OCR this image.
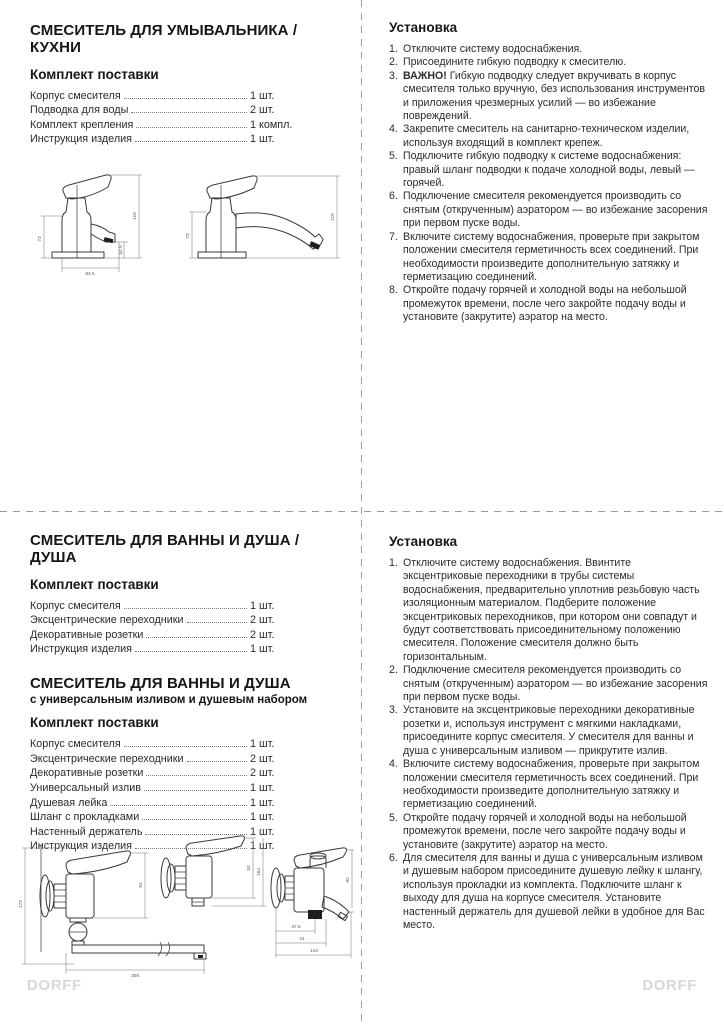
СМЕСИТЕЛЬ ДЛЯ УМЫВАЛЬНИКА / КУХНИ
Комплект поставки
Корпус смесителя	1 шт.
Подводка для воды	2 шт.
Комплект крепления	1 компл.
Инструкция изделия	1 шт.
73
84.5
52.5
119
73
119
Установка
1. Отключите систему водоснабжения.
2. Присоедините гибкую подводку к смесителю.
3. ВАЖНО! Гибкую подводку следует вкручивать в корпус смесителя только вручную, без использования инструментов и приложения чрезмерных усилий — во избежание повреждений.
4. Закрепите смеситель на санитарно-техническом изделии, используя входящий в комплект крепеж.
5. Подключите гибкую подводку к системе водоснабжения: правый шланг подводки к подаче холодной воды, левый — горячей.
6. Подключение смесителя рекомендуется производить со снятым (открученным) аэратором — во избежание засорения при первом пуске воды.
7. Включите систему водоснабжения, проверьте при закрытом положении смесителя герметичность всех соединений. При необходимости произведите дополнительную затяжку и герметизацию соединений.
8. Откройте подачу горячей и холодной воды на небольшой промежуток времени, после чего закройте подачу воды и установите (закрутите) аэратор на место.
СМЕСИТЕЛЬ ДЛЯ ВАННЫ И ДУША / ДУША
Комплект поставки
Корпус смесителя	1 шт.
Эксцентрические переходники	2 шт.
Декоративные розетки	2 шт.
Инструкция изделия	1 шт.
СМЕСИТЕЛЬ ДЛЯ ВАННЫ И ДУША
с универсальным изливом и душевым набором
Комплект поставки
Корпус смесителя	1 шт.
Эксцентрические переходники	2 шт.
Декоративные розетки	2 шт.
Универсальный излив	1 шт.
Душевая лейка	1 шт.
Шланг с прокладками	1 шт.
Настенный держатель	1 шт.
Инструкция изделия	1 шт.
172
91
308
92 164
47.5
41
142
92
Установка
1. Отключите систему водоснабжения. Ввинтите эксцентриковые переходники в трубы системы водоснабжения, предварительно уплотнив резьбовую часть изоляционным материалом. Подберите положение эксцентриковых переходников, при котором они совпадут и будут соответствовать присоединительному положению смесителя. Положение смесителя должно быть горизонтальным.
2. Подключение смесителя рекомендуется производить со снятым (открученным) аэратором — во избежание засорения при первом пуске воды.
3. Установите на эксцентриковые переходники декоративные розетки и, используя инструмент с мягкими накладками, присоедините корпус смесителя. У смесителя для ванны и душа с универсальным изливом — прикрутите излив.
4. Включите систему водоснабжения, проверьте при закрытом положении смесителя герметичность всех соединений. При необходимости произведите дополнительную затяжку и герметизацию соединений.
5. Откройте подачу горячей и холодной воды на небольшой промежуток времени, после чего закройте подачу воды и установите (закрутите) аэратор на место.
6. Для смесителя для ванны и душа с универсальным изливом и душевым набором присоедините душевую лейку к шлангу, используя прокладки из комплекта. Подключите шланг к выходу для душа на корпусе смесителя. Установите настенный держатель для душевой лейки в удобное для Вас место.
DORFF	DORFF
